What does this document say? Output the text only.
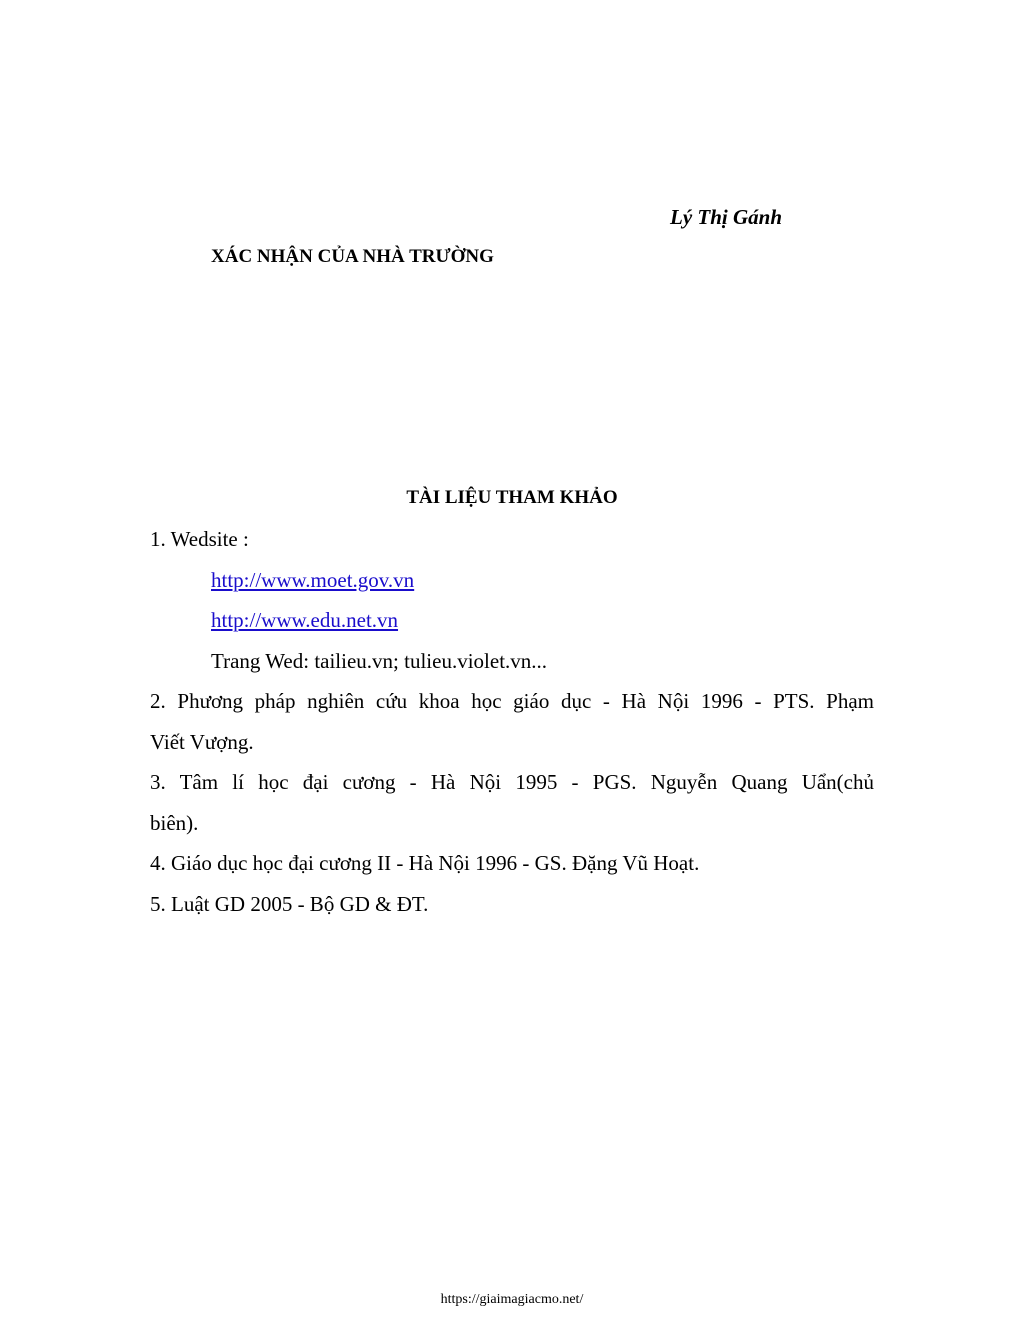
Lý Thị Gánh
XÁC NHẬN CỦA NHÀ TRƯỜNG
TÀI LIỆU THAM KHẢO
1. Wedsite :
http://www.moet.gov.vn
http://www.edu.net.vn
Trang Wed: tailieu.vn; tulieu.violet.vn...
2. Phương pháp nghiên cứu khoa học giáo dục - Hà Nội 1996 - PTS. Phạm
Viết Vượng.
3. Tâm lí học đại cương - Hà Nội 1995 - PGS. Nguyễn Quang Uẩn(chủ
biên).
4. Giáo dục học đại cương II - Hà Nội 1996 - GS. Đặng Vũ Hoạt.
5. Luật GD 2005 - Bộ GD & ĐT.
https://giaimagiacmo.net/
